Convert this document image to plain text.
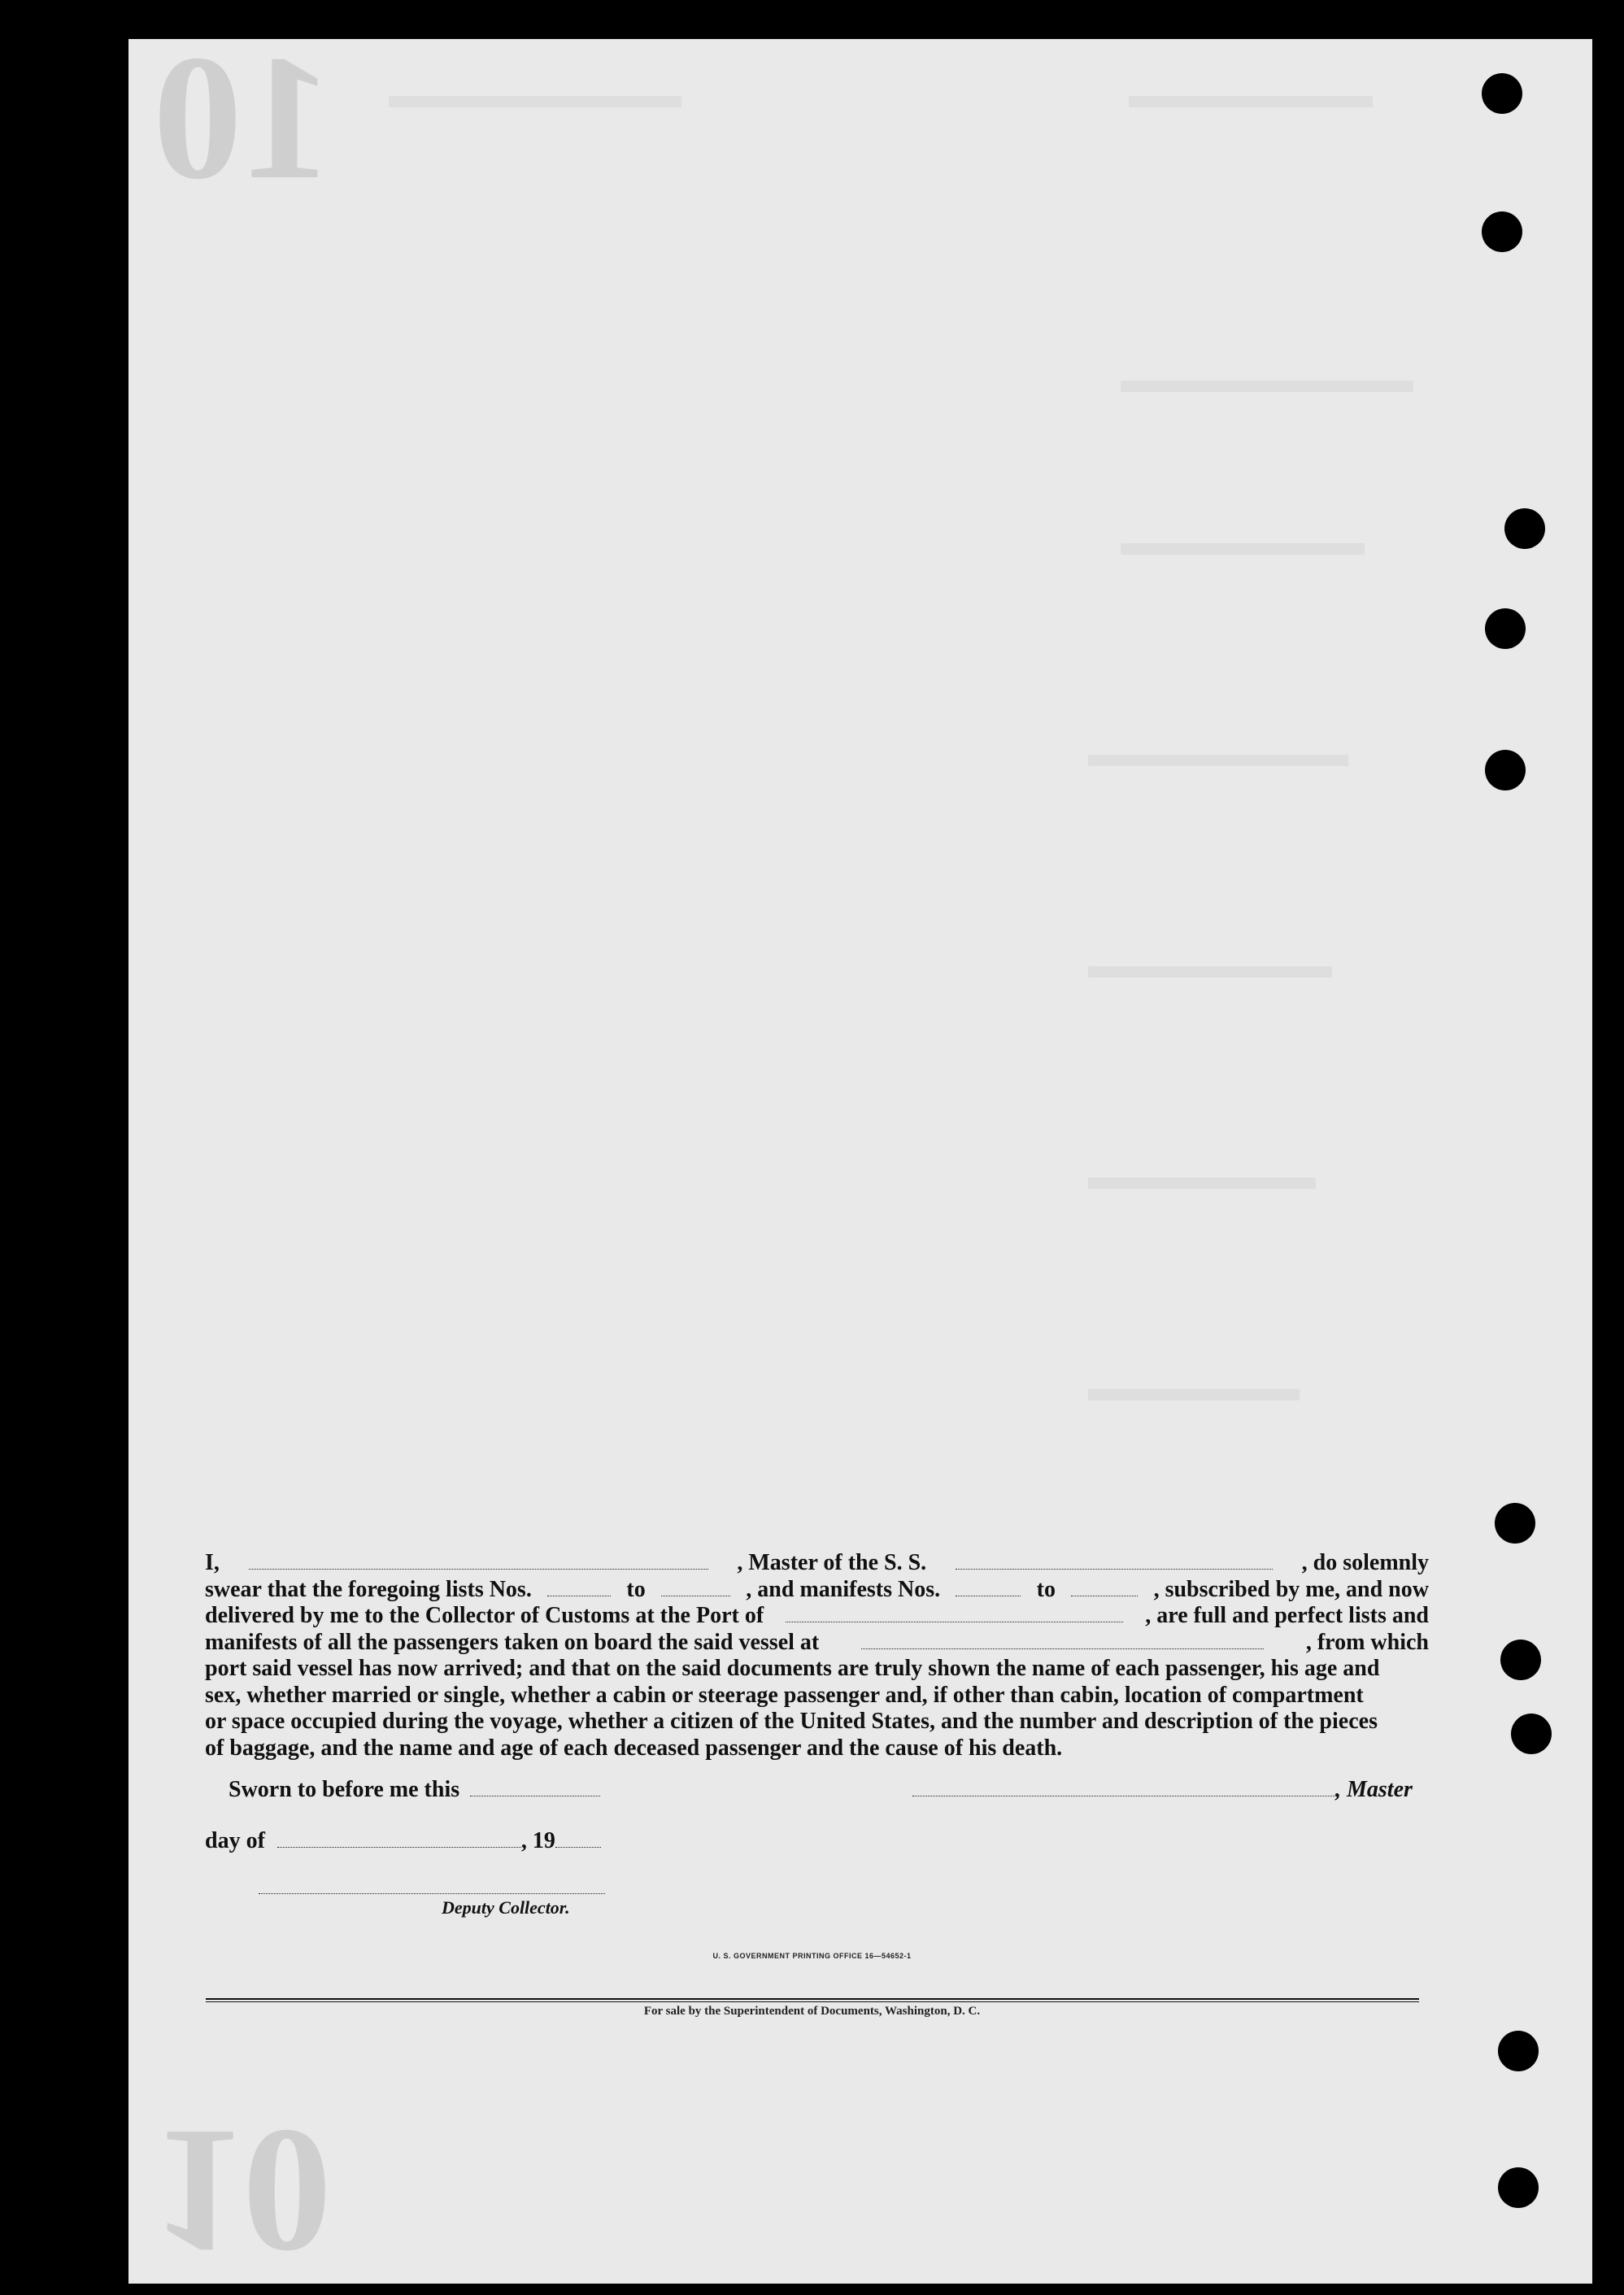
10
10
I,	, Master of the S. S.	, do solemnly
swear that the foregoing lists Nos.	to	, and manifests Nos.	to	, subscribed by me, and now
delivered by me to the Collector of Customs at the Port of	, are full and perfect lists and
manifests of all the passengers taken on board the said vessel at	, from which
port said vessel has now arrived; and that on the said documents are truly shown the name of each passenger, his age and
sex, whether married or single, whether a cabin or steerage passenger and, if other than cabin, location of compartment
or space occupied during the voyage, whether a citizen of the United States, and the number and description of the pieces
of baggage, and the name and age of each deceased passenger and the cause of his death.
Sworn to before me this	, Master
day of	, 19
Deputy Collector.
U. S. GOVERNMENT PRINTING OFFICE 16—54652-1
For sale by the Superintendent of Documents, Washington, D. C.
